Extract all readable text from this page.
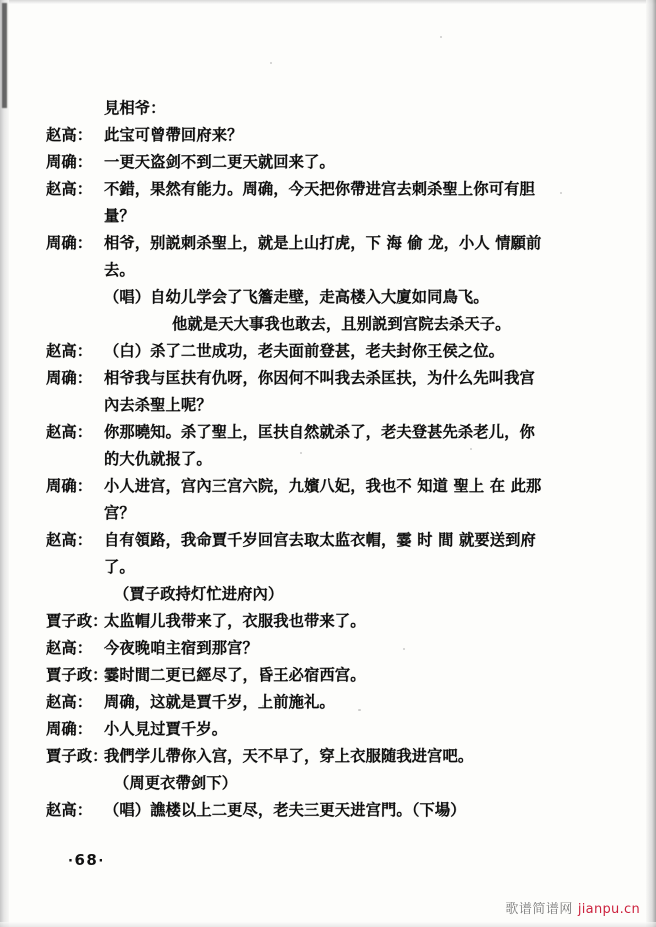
見相爷：
赵高： 此宝可曾帶回府来？
周确： 一更天盗剑不到二更天就回来了。
赵高： 不錯，果然有能力。周确，今天把你帶进宫去刺杀聖上你可有胆
量？
周确： 相爷，别説刺杀聖上，就是上山打虎，下 海 偷 龙，小人 情願前
去。
（唱）自幼儿学会了飞簷走壁，走高楼入大廈如同鳥飞。
他就是天大事我也敢去，且别説到宫院去杀天子。
赵高： （白）杀了二世成功，老夫面前登甚，老夫封你王侯之位。
周确： 相爷我与匡扶有仇呀，你因何不叫我去杀匡扶，为什么先叫我宫
內去杀聖上呢？
赵高： 你那曉知。杀了聖上，匡扶自然就杀了，老夫登甚先杀老儿，你
的大仇就报了。
周确： 小人进宫，宫內三宫六院，九嬪八妃，我也不 知道 聖上 在 此那
宫？
赵高： 自有領路，我命賈千岁回宫去取太监衣帽，霎 时 間 就要送到府
了。
（賈子政持灯忙进府內）
賈子政：
太监帽儿我带来了，衣服我也带来了。
赵高： 今夜晚咱主宿到那宫？
賈子政：
霎时間二更已經尽了，昏王必宿西宫。
赵高： 周确，这就是賈千岁，上前施礼。
周确： 小人見过賈千岁。
賈子政：
我們学儿帶你入宫，天不早了，穿上衣服随我进宫吧。
（周更衣帶剑下）
赵高： （唱）譙楼以上二更尽，老夫三更天进宫門。（下場）
·68·
歌谱简谱网 jianpu.cn
